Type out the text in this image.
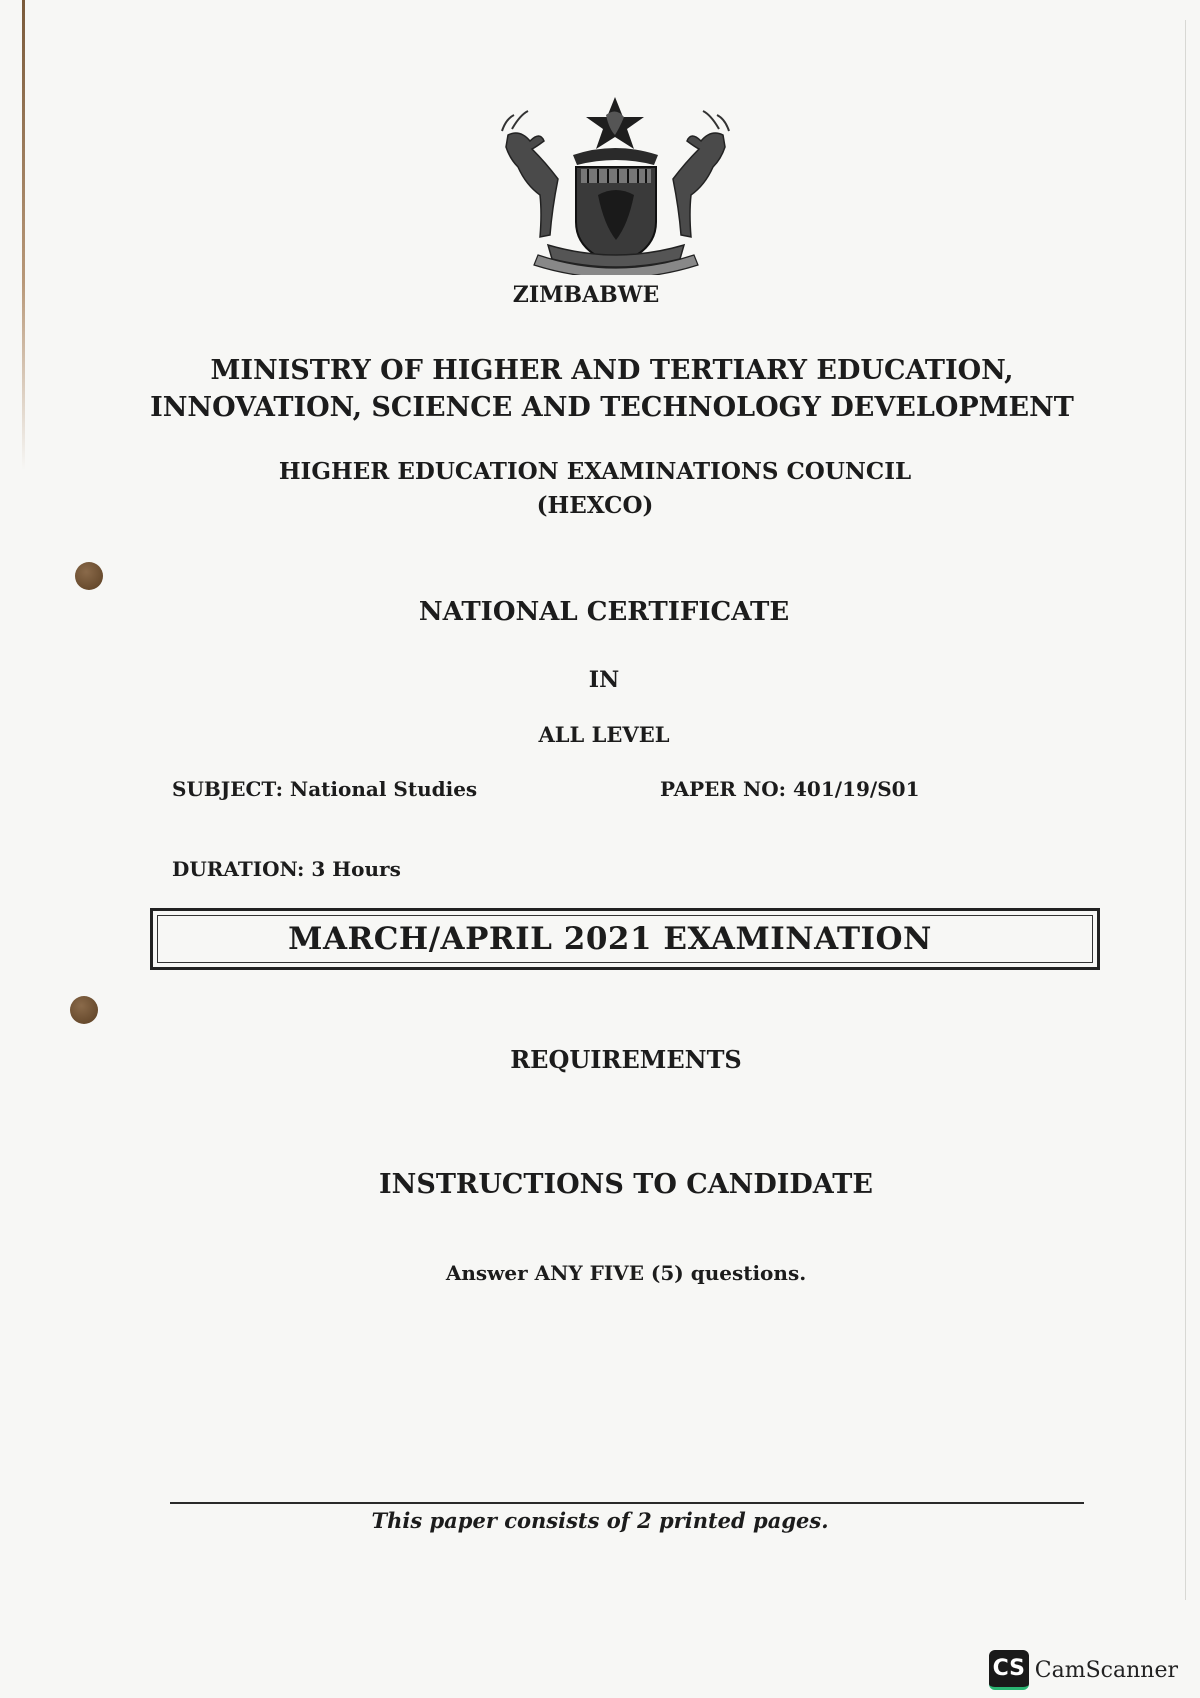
ZIMBABWE
MINISTRY OF HIGHER AND TERTIARY EDUCATION,
INNOVATION, SCIENCE AND TECHNOLOGY DEVELOPMENT
HIGHER EDUCATION EXAMINATIONS COUNCIL
(HEXCO)
NATIONAL CERTIFICATE
IN
ALL LEVEL
SUBJECT: National Studies	PAPER NO: 401/19/S01
DURATION: 3 Hours
MARCH/APRIL 2021 EXAMINATION
REQUIREMENTS
INSTRUCTIONS TO CANDIDATE
Answer ANY FIVE (5) questions.
This paper consists of 2 printed pages.
CS CamScanner
